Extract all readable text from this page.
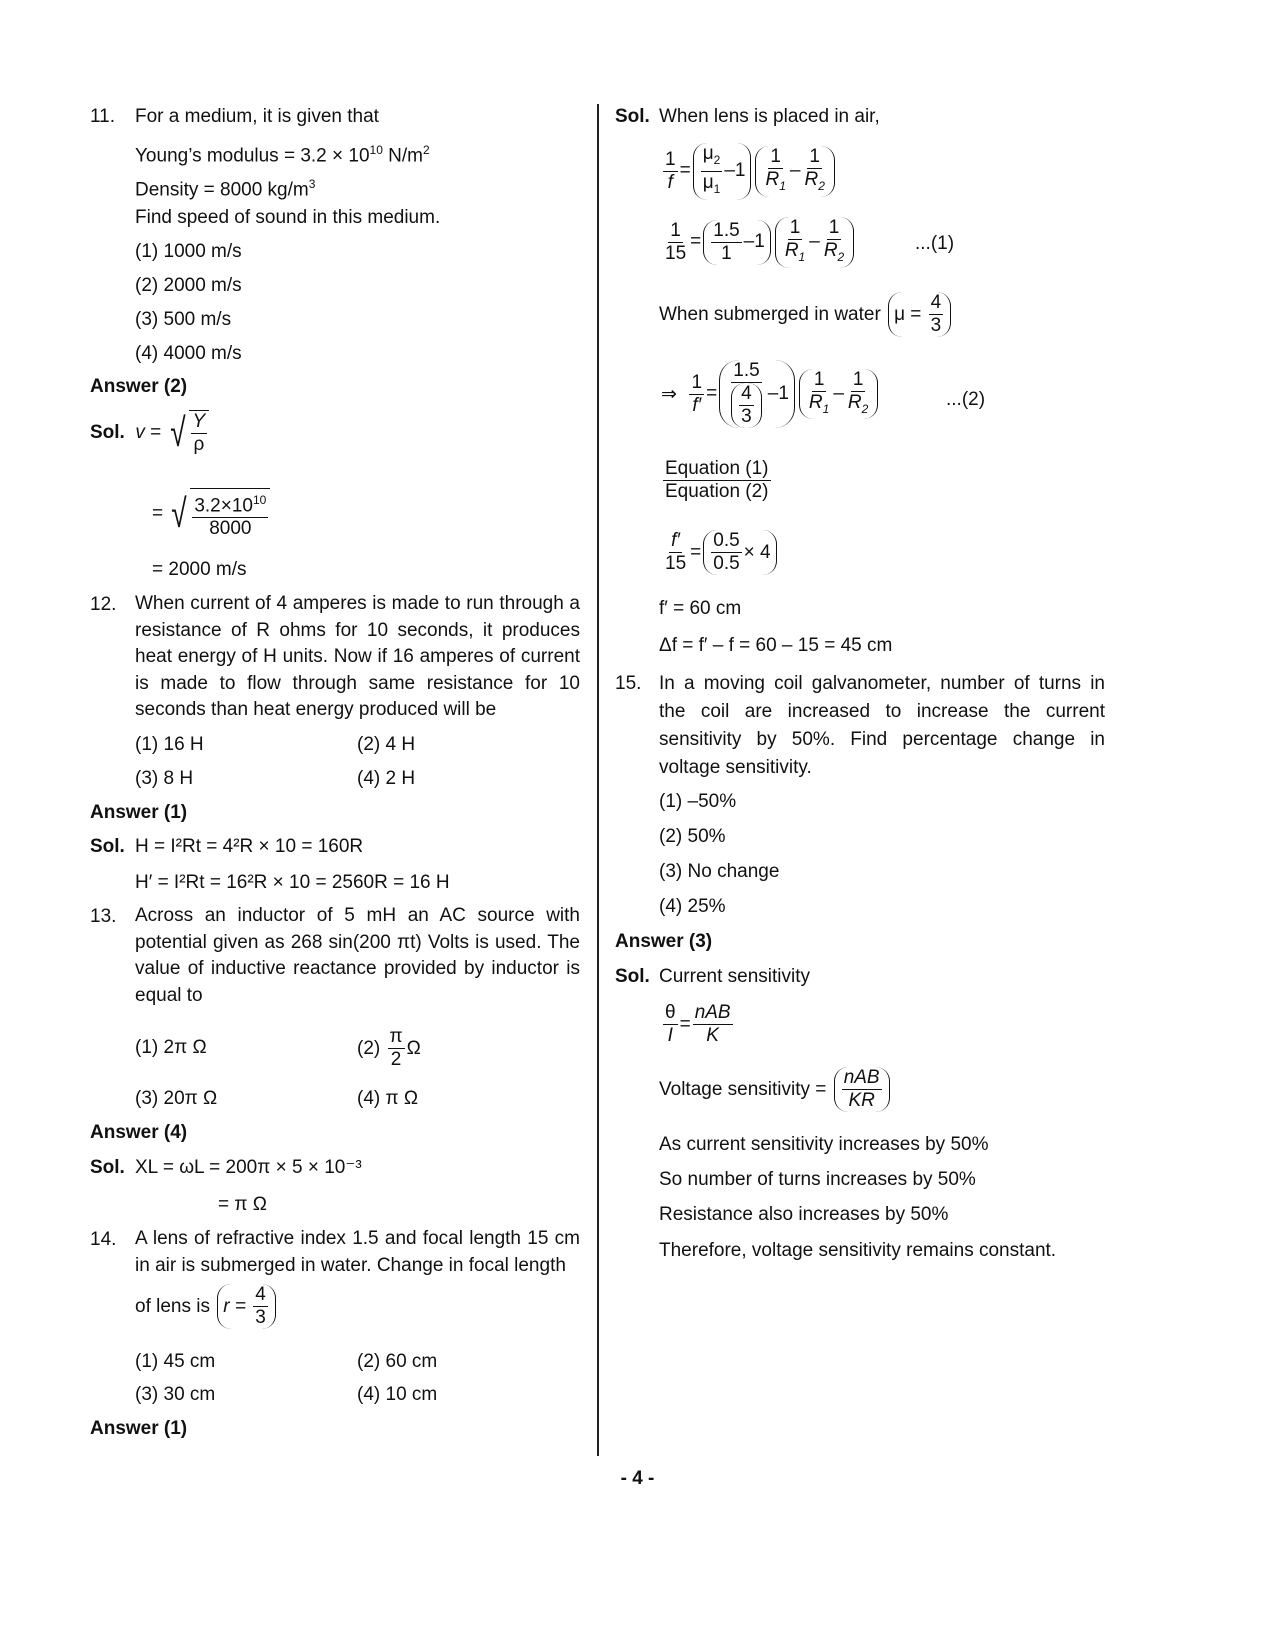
11. For a medium, it is given that
Young’s modulus = $3.2 \times 10^{10}$ $N/m^2$
Density = 8000 $kg/m^3$
Find speed of sound in this medium.
(1) 1000 m/s
(2) 2000 m/s
(3) 500 m/s
(4) 4000 m/s
Answer (2)
Sol.
v = √ $\frac{Y}{\rho}$
= √ $\frac{3.2\times 10^{10}}{8000}$
= 2000 m/s
12. When current of 4 amperes is made to run through a resistance of R ohms for 10 seconds, it produces heat energy of H units. Now if 16 amperes of current is made to flow through same resistance for 10 seconds than heat energy produced will be
(1) 16 H	(2) 4 H
(3) 8 H	(4) 2 H
Answer (1)
Sol. H = I²Rt = 4²R × 10 = 160R
H′ = I²Rt = 16²R × 10 = 2560R = 16 H
13. Across an inductor of 5 mH an AC source with potential given as 268 sin(200 πt) Volts is used. The value of inductive reactance provided by inductor is equal to
(1) 2π Ω	(2)
$\frac{\pi}{2}$ Ω
(3) 20π Ω	(4) π Ω
Answer (4)
Sol. XL = ωL = 200π × 5 × 10⁻³
= π Ω
14. A lens of refractive index 1.5 and focal length 15 cm in air is submerged in water. Change in focal length
of lens is
r =
$\frac{4}{3}$
(1) 45 cm	(2) 60 cm
(3) 30 cm	(4) 10 cm
Answer (1)
Sol. When lens is placed in air,
$\frac{1}{f} = \frac{\mu_2}{\mu_1} -1 \frac{1}{R_1} - \frac{1}{R_2}$
$\frac{1}{15} = \frac{1.5}{1} -1 \frac{1}{R_1} - \frac{1}{R_2}$	...(1)
When submerged in water
μ =
$\frac{4}{3}$
⇒ $\frac{1}{f'} = \frac{1.5}{\frac{4}{3}} -1 \frac{1}{R_1} - \frac{1}{R_2}$	...(2)
$\frac{\text{Equation (1)}}{\text{Equation (2)}}$
$\frac{f'}{15} = \frac{0.5}{0.5} \times 4$
f′ = 60 cm
Δf = f′ – f = 60 – 15 = 45 cm
15. In a moving coil galvanometer, number of turns in the coil are increased to increase the current sensitivity by 50%. Find percentage change in voltage sensitivity.
(1) –50%
(2) 50%
(3) No change
(4) 25%
Answer (3)
Sol. Current sensitivity
$\frac{\theta}{I} = \frac{\text{nAB}}{K}$
Voltage sensitivity = $\frac{\text{nAB}}{KR}$
As current sensitivity increases by 50%
So number of turns increases by 50%
Resistance also increases by 50%
Therefore, voltage sensitivity remains constant.
- 4 -
